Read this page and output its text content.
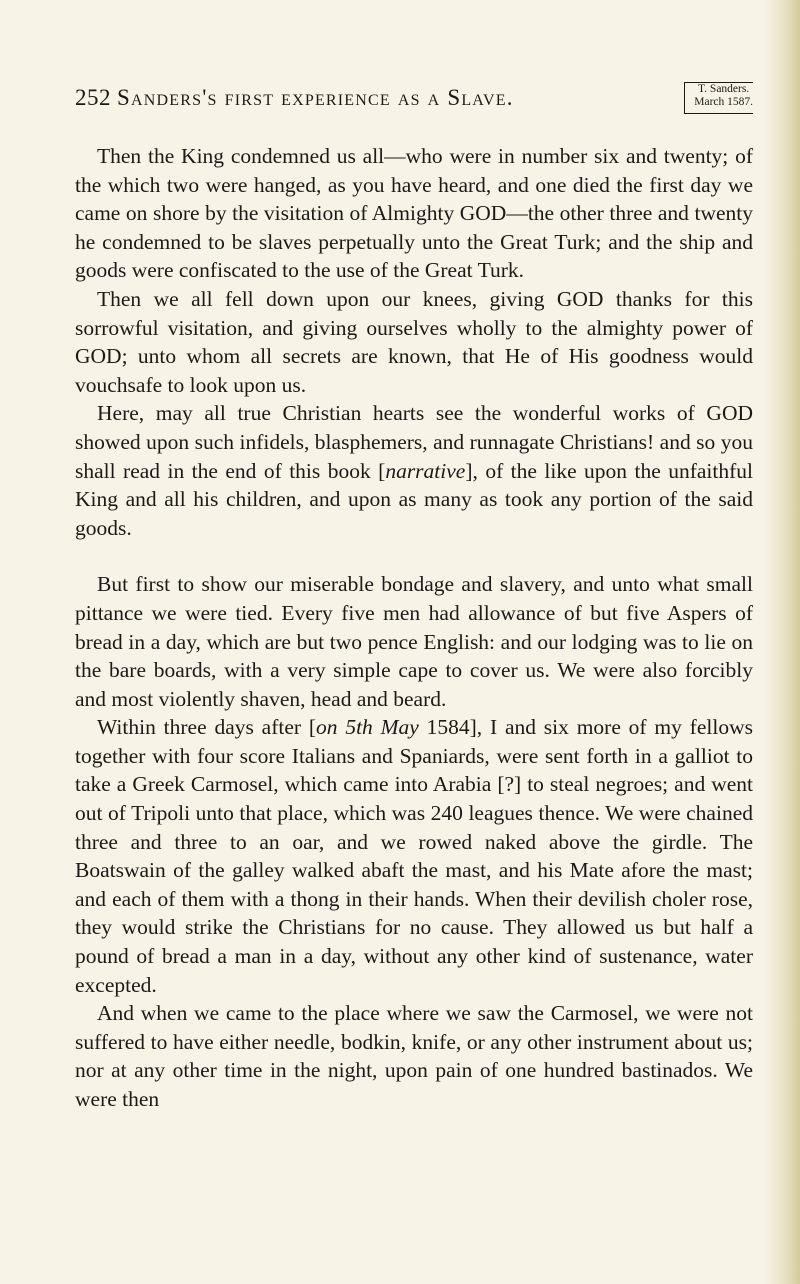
252 Sanders's first experience as a Slave.	T. Sanders.
March 1587.

Then the King condemned us all—who were in number six and twenty; of the which two were hanged, as you have heard, and one died the first day we came on shore by the visitation of Almighty GOD—the other three and twenty he condemned to be slaves perpetually unto the Great Turk; and the ship and goods were confiscated to the use of the Great Turk.

Then we all fell down upon our knees, giving GOD thanks for this sorrowful visitation, and giving ourselves wholly to the almighty power of GOD; unto whom all secrets are known, that He of His goodness would vouchsafe to look upon us.

Here, may all true Christian hearts see the wonderful works of GOD showed upon such infidels, blasphemers, and runnagate Christians! and so you shall read in the end of this book [narrative], of the like upon the unfaithful King and all his children, and upon as many as took any portion of the said goods.

But first to show our miserable bondage and slavery, and unto what small pittance we were tied. Every five men had allowance of but five Aspers of bread in a day, which are but two pence English: and our lodging was to lie on the bare boards, with a very simple cape to cover us. We were also forcibly and most violently shaven, head and beard.

Within three days after [on 5th May 1584], I and six more of my fellows together with four score Italians and Spaniards, were sent forth in a galliot to take a Greek Carmosel, which came into Arabia [?] to steal negroes; and went out of Tripoli unto that place, which was 240 leagues thence. We were chained three and three to an oar, and we rowed naked above the girdle. The Boatswain of the galley walked abaft the mast, and his Mate afore the mast; and each of them with a thong in their hands. When their devilish choler rose, they would strike the Christians for no cause. They allowed us but half a pound of bread a man in a day, without any other kind of sustenance, water excepted.

And when we came to the place where we saw the Carmosel, we were not suffered to have either needle, bodkin, knife, or any other instrument about us; nor at any other time in the night, upon pain of one hundred bastinados. We were then
